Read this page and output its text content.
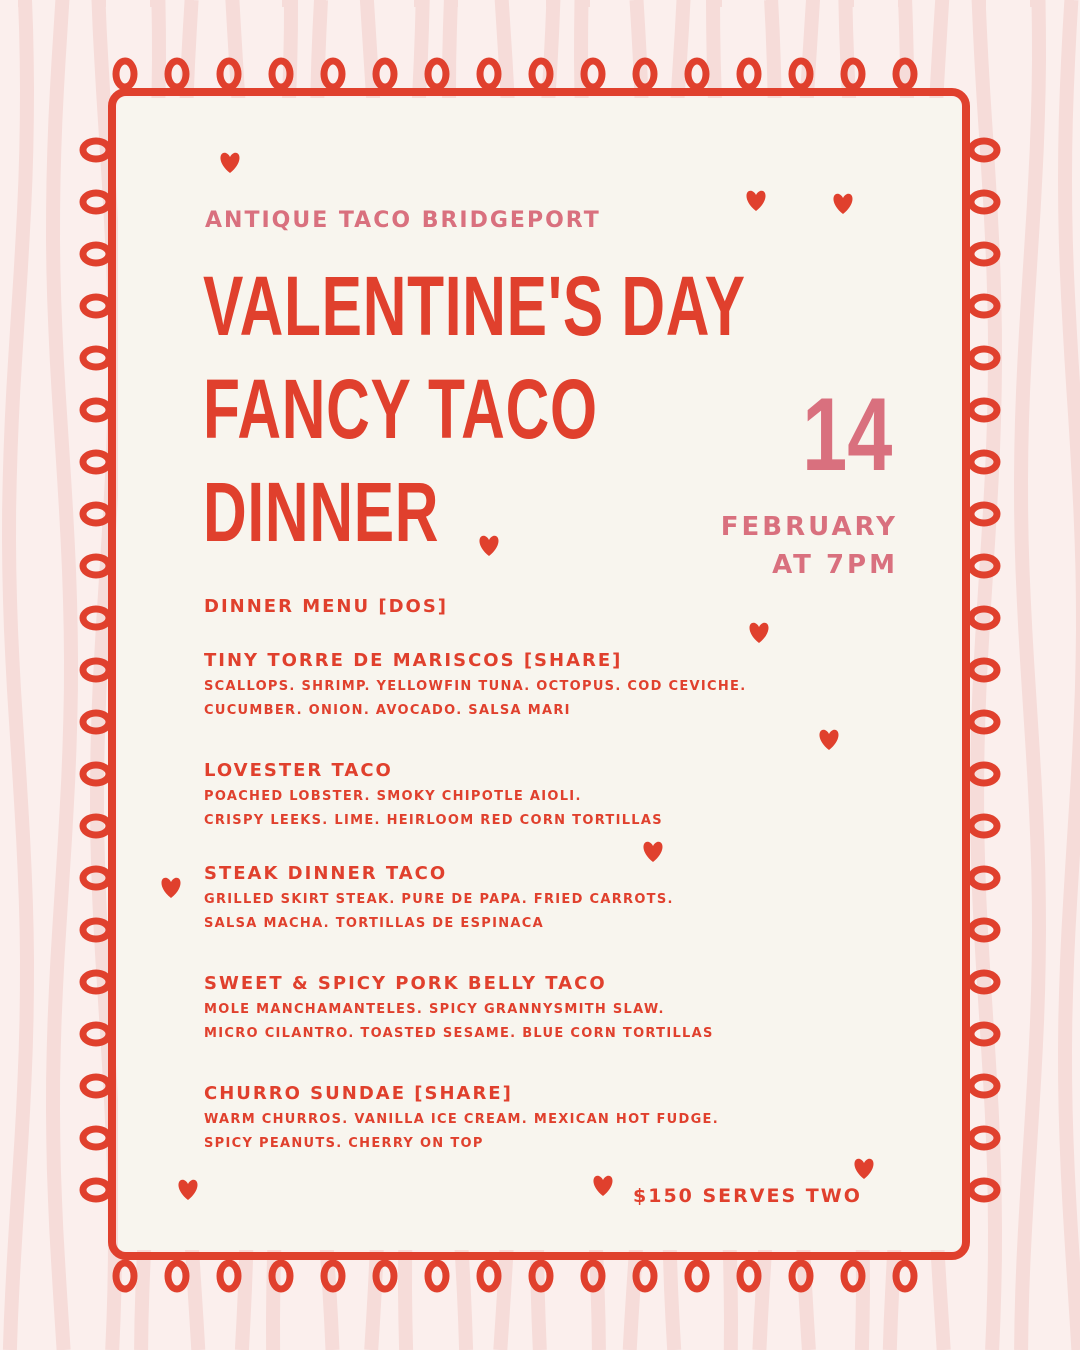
ANTIQUE TACO BRIDGEPORT
VALENTINE'S DAY
FANCY TACO
DINNER
14
FEBRUARY
AT 7PM
DINNER MENU [DOS]
TINY TORRE DE MARISCOS [SHARE]
SCALLOPS. SHRIMP. YELLOWFIN TUNA. OCTOPUS. COD CEVICHE.
CUCUMBER. ONION. AVOCADO. SALSA MARI
LOVESTER TACO
POACHED LOBSTER. SMOKY CHIPOTLE AIOLI.
CRISPY LEEKS. LIME. HEIRLOOM RED CORN TORTILLAS
STEAK DINNER TACO
GRILLED SKIRT STEAK. PURE DE PAPA. FRIED CARROTS.
SALSA MACHA. TORTILLAS DE ESPINACA
SWEET & SPICY PORK BELLY TACO
MOLE MANCHAMANTELES. SPICY GRANNYSMITH SLAW.
MICRO CILANTRO. TOASTED SESAME. BLUE CORN TORTILLAS
CHURRO SUNDAE [SHARE]
WARM CHURROS. VANILLA ICE CREAM. MEXICAN HOT FUDGE.
SPICY PEANUTS. CHERRY ON TOP
$150 SERVES TWO
